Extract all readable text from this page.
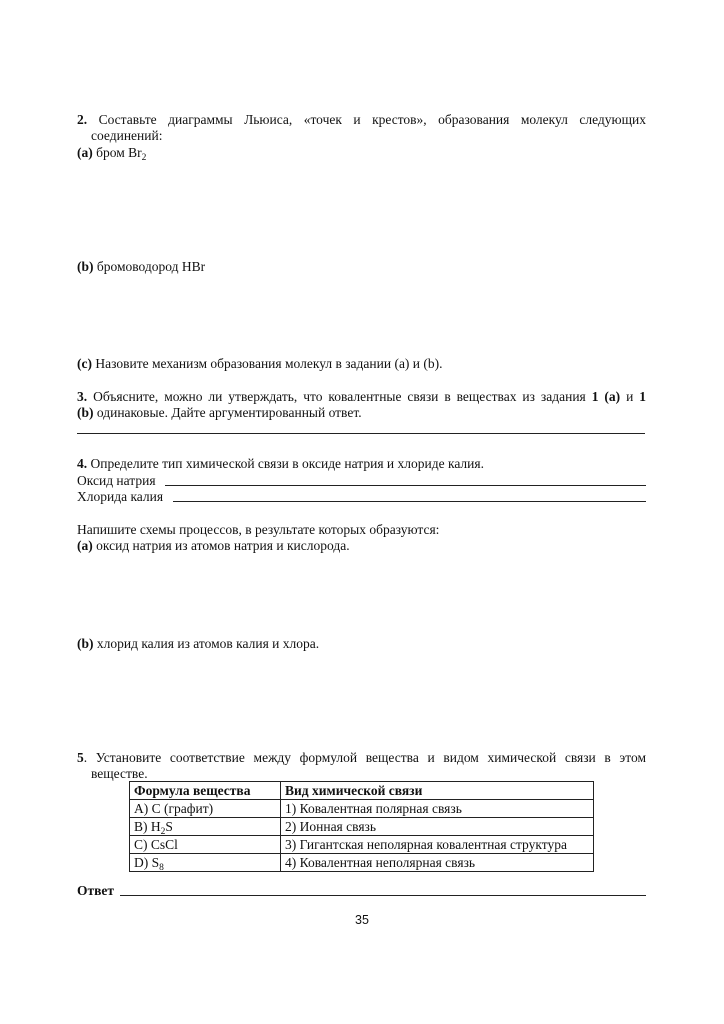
2. Составьте диаграммы Льюиса, «точек и крестов», образования молекул следующих
соединений:
(a) бром $Br_2$
(b) бромоводород HBr
(c) Назовите механизм образования молекул в задании (a) и (b).
3. Объясните, можно ли утверждать, что ковалентные связи в веществах из задания 1 (a) и 1
(b) одинаковые. Дайте аргументированный ответ.
4. Определите тип химической связи в оксиде натрия и хлориде калия.
Оксид натрия
Хлорида калия
Напишите схемы процессов, в результате которых образуются:
(a) оксид натрия из атомов натрия и кислорода.
(b) хлорид калия из атомов калия и хлора.
5. Установите соответствие между формулой вещества и видом химической связи в этом
веществе.
Формула вещества	Вид химической связи
A) C (графит)	1) Ковалентная полярная связь
B) $H_2S$	2) Ионная связь
C) CsCl	3) Гигантская неполярная ковалентная структура
D) $S_8$	4) Ковалентная неполярная связь
Ответ
35
